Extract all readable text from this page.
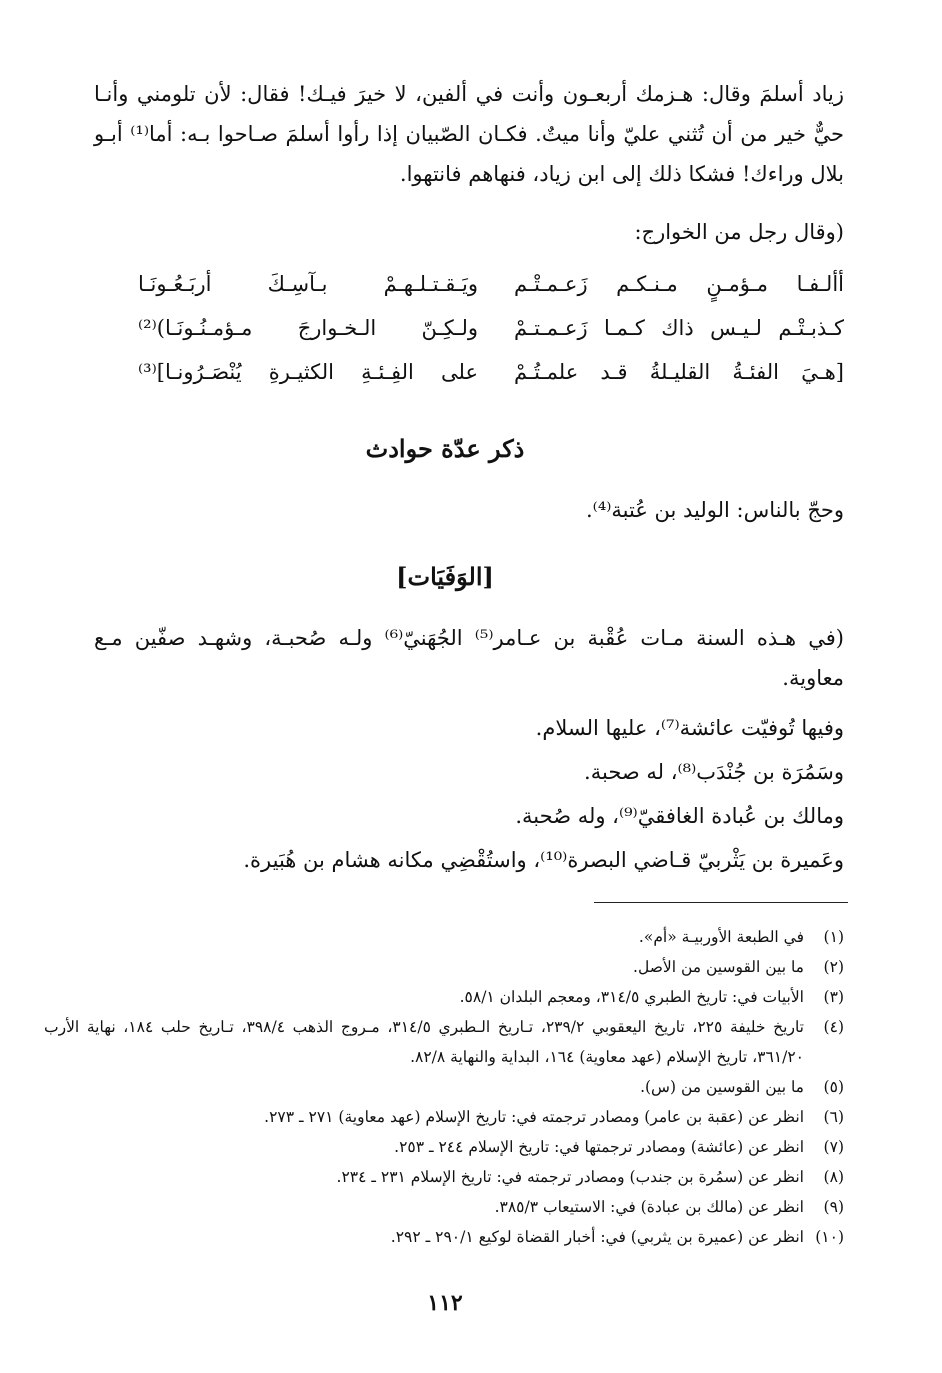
زياد أسلمَ وقال: هـزمك أربعـون وأنت في ألفين، لا خيرَ فيـك! فقال: لأن تلومني وأنـا حيٌّ خير من أن تُثني عليّ وأنا ميتٌ. فكـان الصّبيان إذا رأوا أسلمَ صـاحوا بـه: أما⁽¹⁾ أبـو بلال وراءك! فشكا ذلك إلى ابن زياد، فنهاهم فانتهوا.
(وقال رجل من الخوارج:
أألـفـا مـؤمـنٍ مـنـكـم زَعـمـتْـم
ويَـقـتـلـهـمْ بـآسِـكَ أربَـعُـونَـا
كـذبـتْـم لـيـس ذاك كـمـا زَعـمـتـمْ
ولـكِـنّ الـخـوارجَ مـؤمـنُـونَـا)⁽²⁾
[هـيَ الفئـةُ القليـلةُ قـد علمـتُـمْ
على الفِـئـةِ الكثيـرةِ يُنْصَـرُونـا]⁽³⁾
ذكر عدّة حوادث
وحجّ بالناس: الوليد بن عُتبة⁽⁴⁾.
[الوَفَيَات]
(في هـذه السنة مـات عُقْبة بن عـامر⁽⁵⁾ الجُهَنيّ⁽⁶⁾ ولـه صُحبـة، وشهـد صفّين مـع معاوية.
وفيها تُوفيّت عائشة⁽⁷⁾، عليها السلام.
وسَمُرَة بن جُنْدَب⁽⁸⁾، له صحبة.
ومالك بن عُبادة الغافقيّ⁽⁹⁾، وله صُحبة.
وعَميرة بن يَثْربيّ قـاضي البصرة⁽¹⁰⁾، واستُقْضِي مكانه هشام بن هُبَيرة.
(١)
في الطبعة الأوربيـة «أم».
(٢)
ما بين القوسين من الأصل.
(٣)
الأبيات في: تاريخ الطبري ٣١٤/٥، ومعجم البلدان ٥٨/١.
(٤)
تاريخ خليفة ٢٢٥، تاريخ اليعقوبي ٢٣٩/٢، تـاريخ الـطبري ٣١٤/٥، مـروج الذهب ٣٩٨/٤، تـاريخ حلب ١٨٤، نهاية الأرب ٣٦١/٢٠، تاريخ الإسلام (عهد معاوية) ١٦٤، البداية والنهاية ٨٢/٨.
(٥)
ما بين القوسين من (س).
(٦)
انظر عن (عقبة بن عامر) ومصادر ترجمته في: تاريخ الإسلام (عهد معاوية) ٢٧١ ـ ٢٧٣.
(٧)
انظر عن (عائشة) ومصادر ترجمتها في: تاريخ الإسلام ٢٤٤ ـ ٢٥٣.
(٨)
انظر عن (سمُرة بن جندب) ومصادر ترجمته في: تاريخ الإسلام ٢٣١ ـ ٢٣٤.
(٩)
انظر عن (مالك بن عبادة) في: الاستيعاب ٣٨٥/٣.
(١٠)
انظر عن (عميرة بن يثربي) في: أخبار القضاة لوكيع ٢٩٠/١ ـ ٢٩٢.
١١٢
